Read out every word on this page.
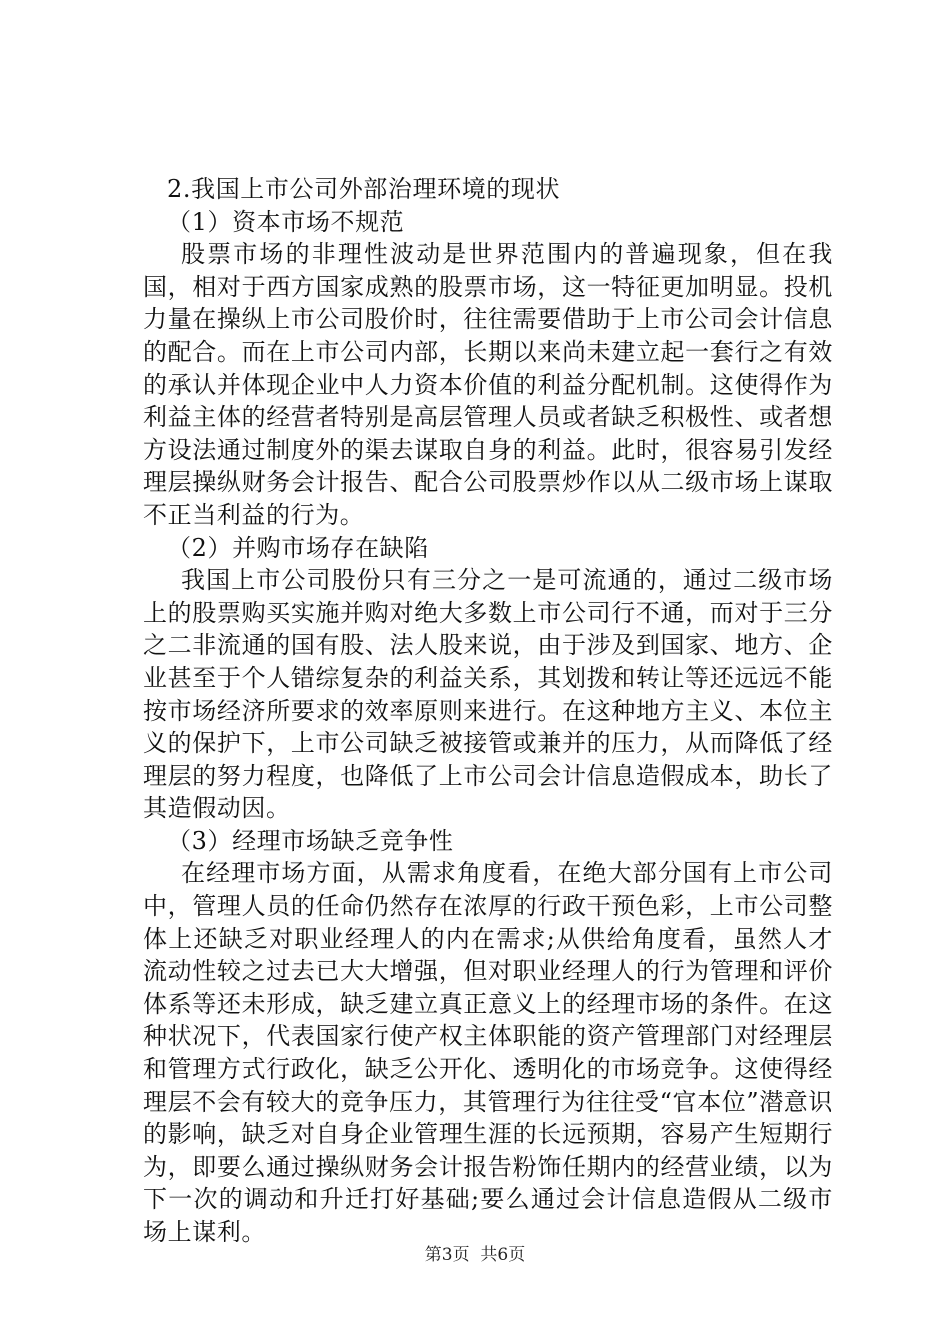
2.我国上市公司外部治理环境的现状

（1）资本市场不规范

股票市场的非理性波动是世界范围内的普遍现象，但在我国，相对于西方国家成熟的股票市场，这一特征更加明显。投机力量在操纵上市公司股价时，往往需要借助于上市公司会计信息的配合。而在上市公司内部，长期以来尚未建立起一套行之有效的承认并体现企业中人力资本价值的利益分配机制。这使得作为利益主体的经营者特别是高层管理人员或者缺乏积极性、或者想方设法通过制度外的渠去谋取自身的利益。此时，很容易引发经理层操纵财务会计报告、配合公司股票炒作以从二级市场上谋取不正当利益的行为。

（2）并购市场存在缺陷

我国上市公司股份只有三分之一是可流通的，通过二级市场上的股票购买实施并购对绝大多数上市公司行不通，而对于三分之二非流通的国有股、法人股来说，由于涉及到国家、地方、企业甚至于个人错综复杂的利益关系，其划拨和转让等还远远不能按市场经济所要求的效率原则来进行。在这种地方主义、本位主义的保护下，上市公司缺乏被接管或兼并的压力，从而降低了经理层的努力程度，也降低了上市公司会计信息造假成本，助长了其造假动因。

（3）经理市场缺乏竞争性

在经理市场方面，从需求角度看，在绝大部分国有上市公司中，管理人员的任命仍然存在浓厚的行政干预色彩，上市公司整体上还缺乏对职业经理人的内在需求;从供给角度看，虽然人才流动性较之过去已大大增强，但对职业经理人的行为管理和评价体系等还未形成，缺乏建立真正意义上的经理市场的条件。在这种状况下，代表国家行使产权主体职能的资产管理部门对经理层和管理方式行政化，缺乏公开化、透明化的市场竞争。这使得经理层不会有较大的竞争压力，其管理行为往往受“官本位”潜意识的影响，缺乏对自身企业管理生涯的长远预期，容易产生短期行为，即要么通过操纵财务会计报告粉饰任期内的经营业绩，以为下一次的调动和升迁打好基础;要么通过会计信息造假从二级市场上谋利。

第3页 共6页
